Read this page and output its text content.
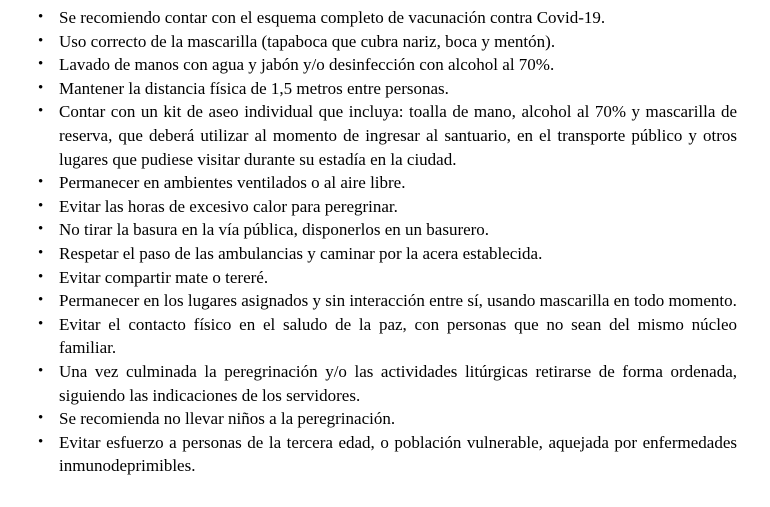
• Se recomiendo contar con el esquema completo de vacunación contra Covid-19.
• Uso correcto de la mascarilla (tapaboca que cubra nariz, boca y mentón).
• Lavado de manos con agua y jabón y/o desinfección con alcohol al 70%.
• Mantener la distancia física de 1,5 metros entre personas.
• Contar con un kit de aseo individual que incluya: toalla de mano, alcohol al 70% y mascarilla de reserva, que deberá utilizar al momento de ingresar al santuario, en el transporte público y otros lugares que pudiese visitar durante su estadía en la ciudad.
• Permanecer en ambientes ventilados o al aire libre.
• Evitar las horas de excesivo calor para peregrinar.
• No tirar la basura en la vía pública, disponerlos en un basurero.
• Respetar el paso de las ambulancias y caminar por la acera establecida.
• Evitar compartir mate o tereré.
• Permanecer en los lugares asignados y sin interacción entre sí, usando mascarilla en todo momento.
• Evitar el contacto físico en el saludo de la paz, con personas que no sean del mismo núcleo familiar.
• Una vez culminada la peregrinación y/o las actividades litúrgicas retirarse de forma ordenada, siguiendo las indicaciones de los servidores.
• Se recomienda no llevar niños a la peregrinación.
• Evitar esfuerzo a personas de la tercera edad, o población vulnerable, aquejada por enfermedades inmunodeprimibles.
